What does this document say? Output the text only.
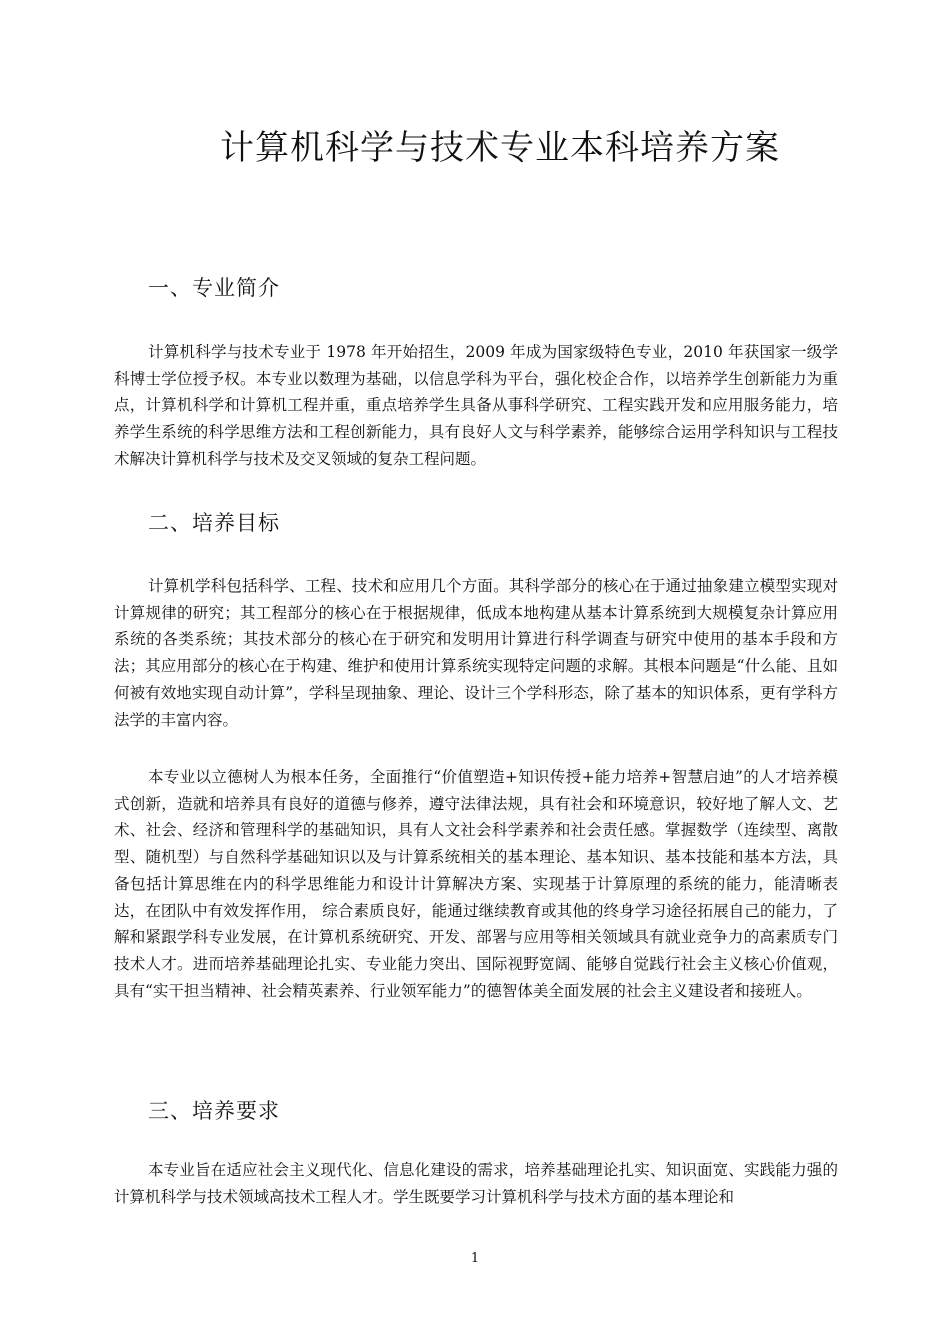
计算机科学与技术专业本科培养方案
一、专业简介

计算机科学与技术专业于 1978 年开始招生，2009 年成为国家级特色专业，2010 年获国家一级学科博士学位授予权。本专业以数理为基础，以信息学科为平台，强化校企合作，以培养学生创新能力为重点，计算机科学和计算机工程并重，重点培养学生具备从事科学研究、工程实践开发和应用服务能力，培养学生系统的科学思维方法和工程创新能力，具有良好人文与科学素养，能够综合运用学科知识与工程技术解决计算机科学与技术及交叉领域的复杂工程问题。

二、培养目标

计算机学科包括科学、工程、技术和应用几个方面。其科学部分的核心在于通过抽象建立模型实现对计算规律的研究；其工程部分的核心在于根据规律，低成本地构建从基本计算系统到大规模复杂计算应用系统的各类系统；其技术部分的核心在于研究和发明用计算进行科学调查与研究中使用的基本手段和方法；其应用部分的核心在于构建、维护和使用计算系统实现特定问题的求解。其根本问题是“什么能、且如何被有效地实现自动计算”，学科呈现抽象、理论、设计三个学科形态，除了基本的知识体系，更有学科方法学的丰富内容。

本专业以立德树人为根本任务，全面推行“价值塑造+知识传授+能力培养+智慧启迪”的人才培养模式创新，造就和培养具有良好的道德与修养，遵守法律法规，具有社会和环境意识，较好地了解人文、艺术、社会、经济和管理科学的基础知识，具有人文社会科学素养和社会责任感。掌握数学（连续型、离散型、随机型）与自然科学基础知识以及与计算系统相关的基本理论、基本知识、基本技能和基本方法，具备包括计算思维在内的科学思维能力和设计计算解决方案、实现基于计算原理的系统的能力，能清晰表达，在团队中有效发挥作用， 综合素质良好，能通过继续教育或其他的终身学习途径拓展自己的能力，了解和紧跟学科专业发展，在计算机系统研究、开发、部署与应用等相关领域具有就业竞争力的高素质专门技术人才。进而培养基础理论扎实、专业能力突出、国际视野宽阔、能够自觉践行社会主义核心价值观，具有“实干担当精神、社会精英素养、行业领军能力”的德智体美全面发展的社会主义建设者和接班人。

三、培养要求

本专业旨在适应社会主义现代化、信息化建设的需求，培养基础理论扎实、知识面宽、实践能力强的计算机科学与技术领域高技术工程人才。学生既要学习计算机科学与技术方面的基本理论和

1
